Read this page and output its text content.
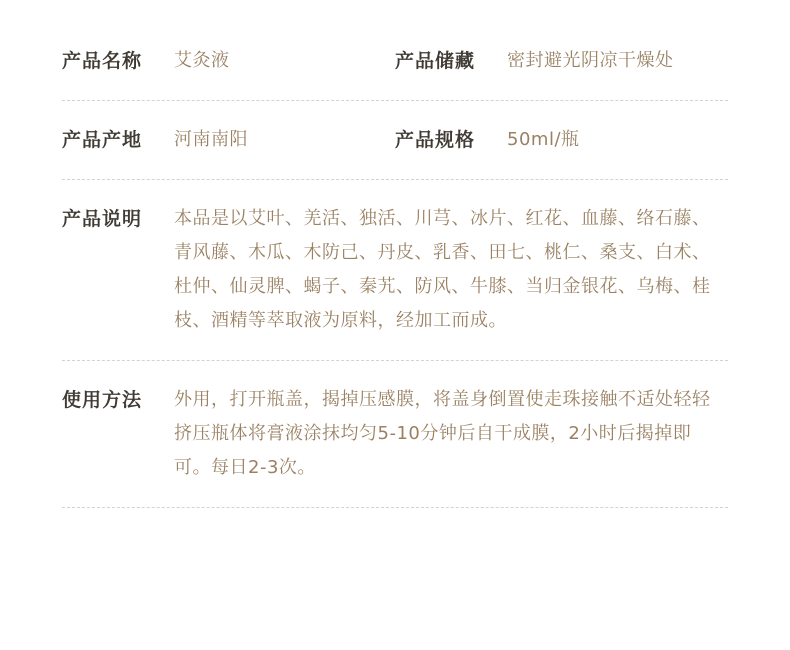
产品名称	艾灸液	产品储藏	密封避光阴凉干燥处
产品产地	河南南阳	产品规格	50ml/瓶
产品说明	本品是以艾叶、羌活、独活、川芎、冰片、红花、血藤、络石藤、青风藤、木瓜、木防己、丹皮、乳香、田七、桃仁、桑支、白术、杜仲、仙灵脾、蝎子、秦艽、防风、牛膝、当归金银花、乌梅、桂枝、酒精等萃取液为原料，经加工而成。
使用方法	外用，打开瓶盖，揭掉压感膜，将盖身倒置使走珠接触不适处轻轻挤压瓶体将膏液涂抹均匀5-10分钟后自干成膜，2小时后揭掉即可。每日2-3次。
